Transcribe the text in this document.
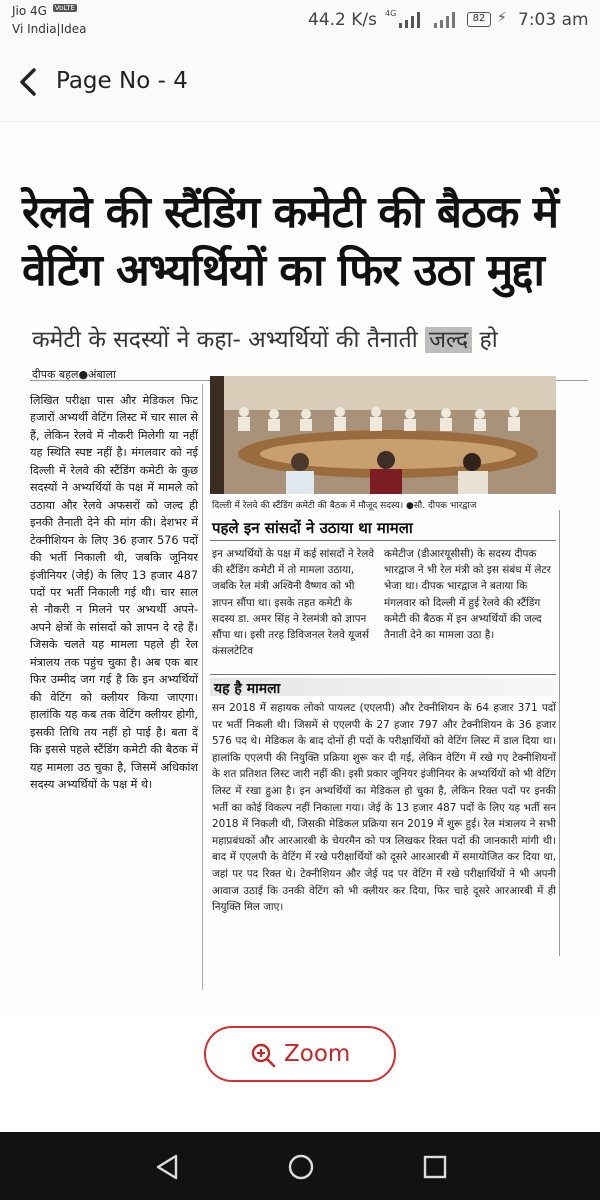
Jio 4G VoLTE
Vi India|Idea	44.2 K/s 4G	82 ⚡ 7:03 am
Page No - 4
रेलवे की स्टैंडिंग कमेटी की बैठक में
वेटिंग अभ्यर्थियों का फिर उठा मुद्दा
कमेटी के सदस्यों ने कहा- अभ्यर्थियों की तैनाती जल्द हो
दीपक बहल●अंबाला
लिखित परीक्षा पास और मेडिकल फिट हजारों अभ्यर्थी वेटिंग लिस्ट में चार साल से हैं, लेकिन रेलवे में नौकरी मिलेगी या नहीं यह स्थिति स्पष्ट नहीं है। मंगलवार को नई दिल्ली में रेलवे की स्टैंडिंग कमेटी के कुछ सदस्यों ने अभ्यर्थियों के पक्ष में मामले को उठाया और रेलवे अफसरों को जल्द ही इनकी तैनाती देने की मांग की। देशभर में टेक्नीशियन के लिए 36 हजार 576 पदों की भर्ती निकाली थी, जबकि जूनियर इंजीनियर (जेई) के लिए 13 हजार 487 पदों पर भर्ती निकाली गई थी। चार साल से नौकरी न मिलने पर अभ्यर्थी अपने-अपने क्षेत्रों के सांसदों को ज्ञापन दे रहे हैं। जिसके चलते यह मामला पहले ही रेल मंत्रालय तक पहुंच चुका है। अब एक बार फिर उम्मीद जग गई है कि इन अभ्यर्थियों की वेटिंग को क्लीयर किया जाएगा। हालांकि यह कब तक वेटिंग क्लीयर होगी, इसकी तिथि तय नहीं हो पाई है। बता दें कि इससे पहले स्टैंडिंग कमेटी की बैठक में यह मामला उठ चुका है, जिसमें अधिकांश सदस्य अभ्यर्थियों के पक्ष में थे।
दिल्ली में रेलवे की स्टैंडिंग कमेटी की बैठक में मौजूद सदस्य। ●सौ. दीपक भारद्वाज
पहले इन सांसदों ने उठाया था मामला
इन अभ्यर्थियों के पक्ष में कई सांसदों ने रेलवे की स्टैंडिंग कमेटी में तो मामला उठाया, जबकि रेल मंत्री अश्विनी वैष्णव को भी ज्ञापन सौंपा था। इसके तहत कमेटी के सदस्य डा. अमर सिंह ने रेलमंत्री को ज्ञापन सौंपा था। इसी तरह डिविजनल रेलवे यूजर्स कंसलटेटिव
कमेटीज (डीआरयूसीसी) के सदस्य दीपक भारद्वाज ने भी रेल मंत्री को इस संबंध में लेटर भेजा था। दीपक भारद्वाज ने बताया कि मंगलवार को दिल्ली में हुई रेलवे की स्टैंडिंग कमेटी की बैठक में इन अभ्यर्थियों की जल्द तैनाती देने का मामला उठा है।
यह है मामला
सन 2018 में सहायक लोको पायलट (एएलपी) और टेक्नीशियन के 64 हजार 371 पदों पर भर्ती निकली थी। जिसमें से एएलपी के 27 हजार 797 और टेक्नीशियन के 36 हजार 576 पद थे। मेडिकल के बाद दोनों ही पदों के परीक्षार्थियों को वेटिंग लिस्ट में डाल दिया था। हालांकि एएलपी की नियुक्ति प्रक्रिया शुरू कर दी गई, लेकिन वेटिंग में रखे गए टेक्नीशियनों के शत प्रतिशत लिस्ट जारी नहीं की। इसी प्रकार जूनियर इंजीनियर के अभ्यर्थियों को भी वेटिंग लिस्ट में रखा हुआ है। इन अभ्यर्थियों का मेडिकल हो चुका है, लेकिन रिक्त पदों पर इनकी भर्ती का कोई विकल्प नहीं निकाला गया। जेई के 13 हजार 487 पदों के लिए यह भर्ती सन 2018 में निकली थी, जिसकी मेडिकल प्रक्रिया सन 2019 में शुरू हुई। रेल मंत्रालय ने सभी महाप्रबंधकों और आरआरबी के चेयरमैन को पत्र लिखकर रिक्त पदों की जानकारी मांगी थी। बाद में एएलपी के वेटिंग में रखे परीक्षार्थियों को दूसरे आरआरबी में समायोजित कर दिया था, जहां पर पद रिक्त थे। टेक्नीशियन और जेई पद पर वेटिंग में रखे परीक्षार्थियों ने भी अपनी आवाज उठाई कि उनकी वेटिंग को भी क्लीयर कर दिया, फिर चाहे दूसरे आरआरबी में ही नियुक्ति मिल जाए।
Zoom
